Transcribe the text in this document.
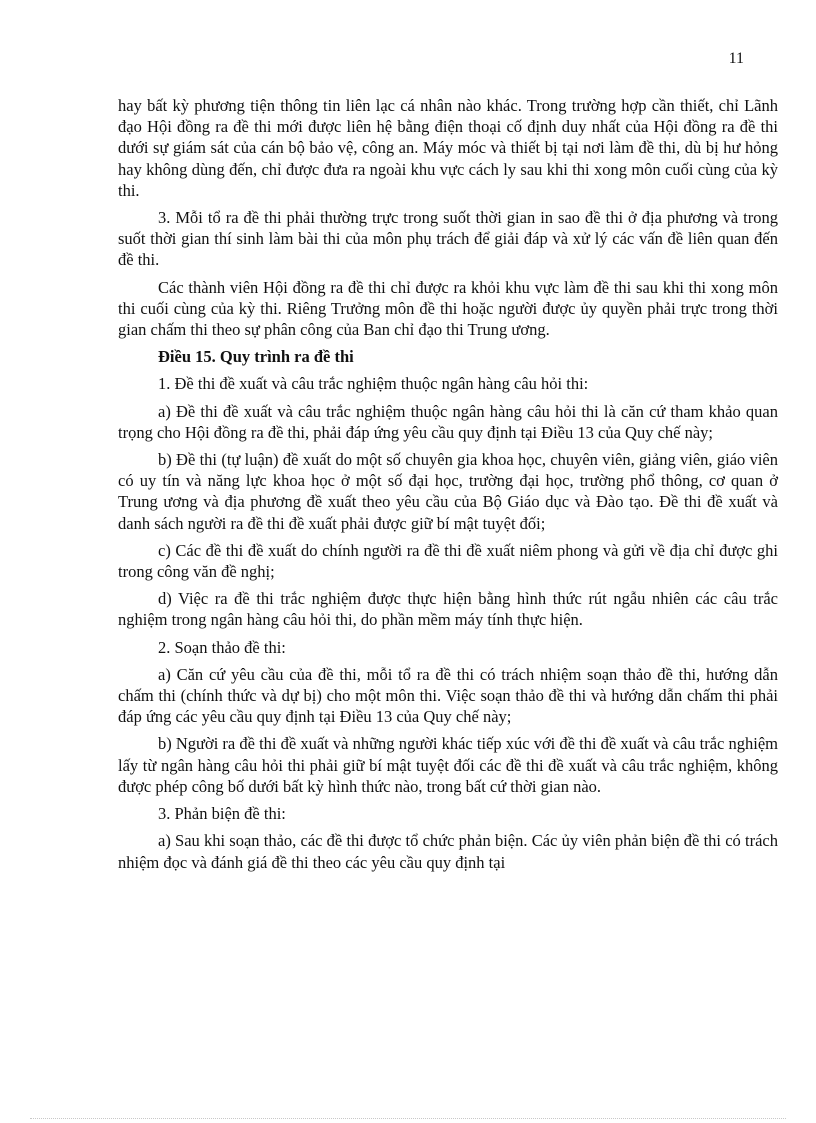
11

hay bất kỳ phương tiện thông tin liên lạc cá nhân nào khác. Trong trường hợp cần thiết, chỉ Lãnh đạo Hội đồng ra đề thi mới được liên hệ bằng điện thoại cố định duy nhất của Hội đồng ra đề thi dưới sự giám sát của cán bộ bảo vệ, công an. Máy móc và thiết bị tại nơi làm đề thi, dù bị hư hỏng hay không dùng đến, chỉ được đưa ra ngoài khu vực cách ly sau khi thi xong môn cuối cùng của kỳ thi.

3. Mỗi tổ ra đề thi phải thường trực trong suốt thời gian in sao đề thi ở địa phương và trong suốt thời gian thí sinh làm bài thi của môn phụ trách để giải đáp và xử lý các vấn đề liên quan đến đề thi.

Các thành viên Hội đồng ra đề thi chỉ được ra khỏi khu vực làm đề thi sau khi thi xong môn thi cuối cùng của kỳ thi. Riêng Trưởng môn đề thi hoặc người được ủy quyền phải trực trong thời gian chấm thi theo sự phân công của Ban chỉ đạo thi Trung ương.

Điều 15. Quy trình ra đề thi

1. Đề thi đề xuất và câu trắc nghiệm thuộc ngân hàng câu hỏi thi:

a) Đề thi đề xuất và câu trắc nghiệm thuộc ngân hàng câu hỏi thi là căn cứ tham khảo quan trọng cho Hội đồng ra đề thi, phải đáp ứng yêu cầu quy định tại Điều 13 của Quy chế này;

b) Đề thi (tự luận) đề xuất do một số chuyên gia khoa học, chuyên viên, giảng viên, giáo viên có uy tín và năng lực khoa học ở một số đại học, trường đại học, trường phổ thông, cơ quan ở Trung ương và địa phương đề xuất theo yêu cầu của Bộ Giáo dục và Đào tạo. Đề thi đề xuất và danh sách người ra đề thi đề xuất phải được giữ bí mật tuyệt đối;

c) Các đề thi đề xuất do chính người ra đề thi đề xuất niêm phong và gửi về địa chỉ được ghi trong công văn đề nghị;

d) Việc ra đề thi trắc nghiệm được thực hiện bằng hình thức rút ngẫu nhiên các câu trắc nghiệm trong ngân hàng câu hỏi thi, do phần mềm máy tính thực hiện.

2. Soạn thảo đề thi:

a) Căn cứ yêu cầu của đề thi, mỗi tổ ra đề thi có trách nhiệm soạn thảo đề thi, hướng dẫn chấm thi (chính thức và dự bị) cho một môn thi. Việc soạn thảo đề thi và hướng dẫn chấm thi phải đáp ứng các yêu cầu quy định tại Điều 13 của Quy chế này;

b) Người ra đề thi đề xuất và những người khác tiếp xúc với đề thi đề xuất và câu trắc nghiệm lấy từ ngân hàng câu hỏi thi phải giữ bí mật tuyệt đối các đề thi đề xuất và câu trắc nghiệm, không được phép công bố dưới bất kỳ hình thức nào, trong bất cứ thời gian nào.

3. Phản biện đề thi:

a) Sau khi soạn thảo, các đề thi được tổ chức phản biện. Các ủy viên phản biện đề thi có trách nhiệm đọc và đánh giá đề thi theo các yêu cầu quy định tại
